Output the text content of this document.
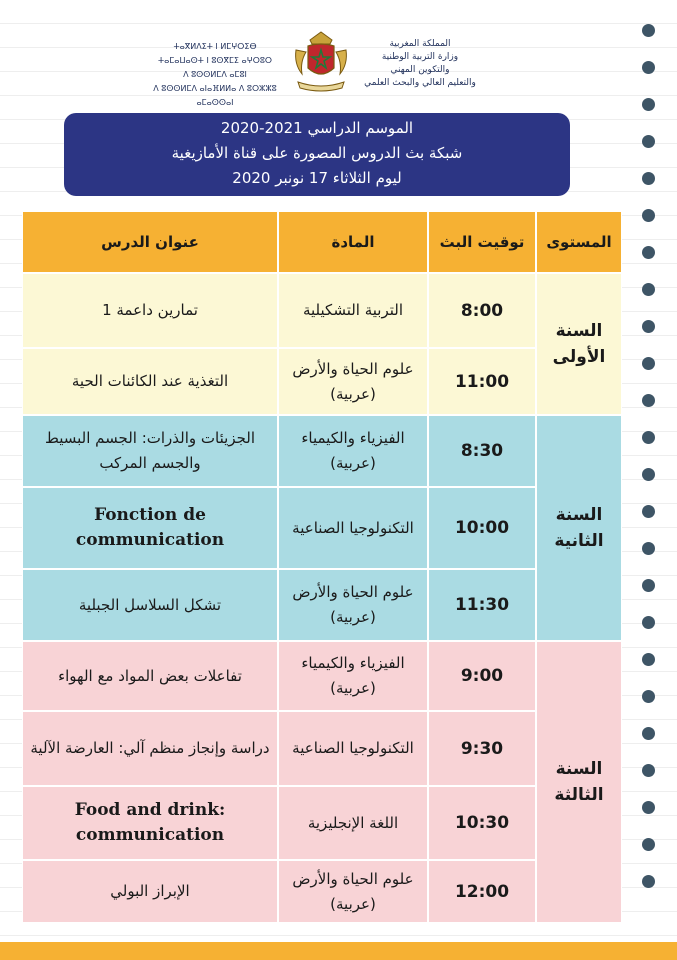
ⵜⴰⴳⵍⴷⵉⵜ ⵏ ⵍⵎⵖⵔⵉⴱ
ⵜⴰⵎⴰⵡⴰⵙⵜ ⵏ ⵓⵙⴳⵎⵉ ⴰⵖⵔⵓⵔ
ⴷ ⵓⵙⵙⵍⵎⴷ ⴰⵎⵓⵏ
ⴷ ⵓⵙⵙⵍⵎⴷ ⴰⵏⴰⴼⵍⵍⴰ ⴷ ⵓⵔⵣⵣⵓ ⴰⵎⴰⵙⵙⴰⵏ
المملكة المغربية
وزارة التربية الوطنية
والتكوين المهني
والتعليم العالي والبحث العلمي
الموسم الدراسي 2021-2020
شبكة بث الدروس المصورة على قناة الأمازيغية
ليوم الثلاثاء 17 نونبر 2020
المستوى	توقيت البث	المادة	عنوان الدرس
السنة الأولى	8:00	التربية التشكيلية	تمارين داعمة 1
	11:00	علوم الحياة والأرض (عربية)	التغذية عند الكائنات الحية
السنة الثانية	8:30	الفيزياء والكيمياء (عربية)	الجزيئات والذرات: الجسم البسيط والجسم المركب
	10:00	التكنولوجيا الصناعية	Fonction de communication
	11:30	علوم الحياة والأرض (عربية)	تشكل السلاسل الجبلية
السنة الثالثة	9:00	الفيزياء والكيمياء (عربية)	تفاعلات بعض المواد مع الهواء
	9:30	التكنولوجيا الصناعية	دراسة وإنجاز منظم آلي: العارضة الآلية
	10:30	اللغة الإنجليزية	Food and drink: communication
	12:00	علوم الحياة والأرض (عربية)	الإبراز البولي
